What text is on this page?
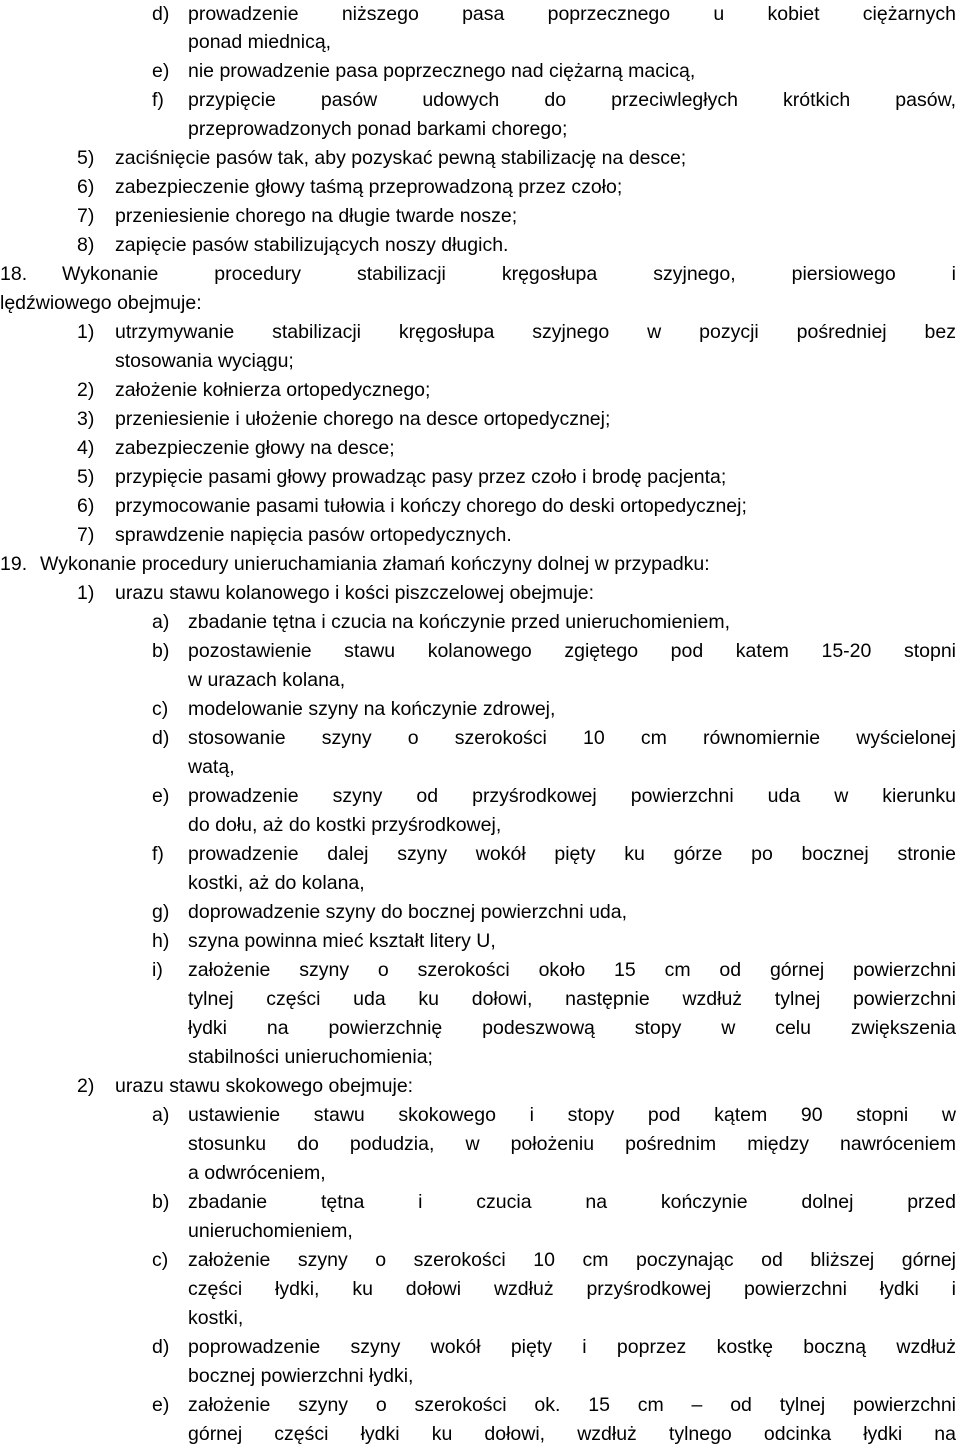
d) prowadzenie niższego pasa poprzecznego u kobiet ciężarnych
ponad miednicą,
e) nie prowadzenie pasa poprzecznego nad ciężarną macicą,
f) przypięcie pasów udowych do przeciwległych krótkich pasów,
przeprowadzonych ponad barkami chorego;
5) zaciśnięcie pasów tak, aby pozyskać pewną stabilizację na desce;
6) zabezpieczenie głowy taśmą przeprowadzoną przez czoło;
7) przeniesienie chorego na długie twarde nosze;
8) zapięcie pasów stabilizujących noszy długich.
18. Wykonanie procedury stabilizacji kręgosłupa szyjnego, piersiowego i
lędźwiowego obejmuje:
1) utrzymywanie stabilizacji kręgosłupa szyjnego w pozycji pośredniej bez
stosowania wyciągu;
2) założenie kołnierza ortopedycznego;
3) przeniesienie i ułożenie chorego na desce ortopedycznej;
4) zabezpieczenie głowy na desce;
5) przypięcie pasami głowy prowadząc pasy przez czoło i brodę pacjenta;
6) przymocowanie pasami tułowia i kończy chorego do deski ortopedycznej;
7) sprawdzenie napięcia pasów ortopedycznych.
19. Wykonanie procedury unieruchamiania złamań kończyny dolnej w przypadku:
1) urazu stawu kolanowego i kości piszczelowej obejmuje:
a) zbadanie tętna i czucia na kończynie przed unieruchomieniem,
b) pozostawienie stawu kolanowego zgiętego pod katem 15-20 stopni
w urazach kolana,
c) modelowanie szyny na kończynie zdrowej,
d) stosowanie szyny o szerokości 10 cm równomiernie wyścielonej
watą,
e) prowadzenie szyny od przyśrodkowej powierzchni uda w kierunku
do dołu, aż do kostki przyśrodkowej,
f) prowadzenie dalej szyny wokół pięty ku górze po bocznej stronie
kostki, aż do kolana,
g) doprowadzenie szyny do bocznej powierzchni uda,
h) szyna powinna mieć kształt litery U,
i) założenie szyny o szerokości około 15 cm od górnej powierzchni
tylnej części uda ku dołowi, następnie wzdłuż tylnej powierzchni
łydki na powierzchnię podeszwową stopy w celu zwiększenia
stabilności unieruchomienia;
2) urazu stawu skokowego obejmuje:
a) ustawienie stawu skokowego i stopy pod kątem 90 stopni w
stosunku do podudzia, w położeniu pośrednim między nawróceniem
a odwróceniem,
b) zbadanie tętna i czucia na kończynie dolnej przed
unieruchomieniem,
c) założenie szyny o szerokości 10 cm poczynając od bliższej górnej
części łydki, ku dołowi wzdłuż przyśrodkowej powierzchni łydki i
kostki,
d) poprowadzenie szyny wokół pięty i poprzez kostkę boczną wzdłuż
bocznej powierzchni łydki,
e) założenie szyny o szerokości ok. 15 cm – od tylnej powierzchni
górnej części łydki ku dołowi, wzdłuż tylnego odcinka łydki na
